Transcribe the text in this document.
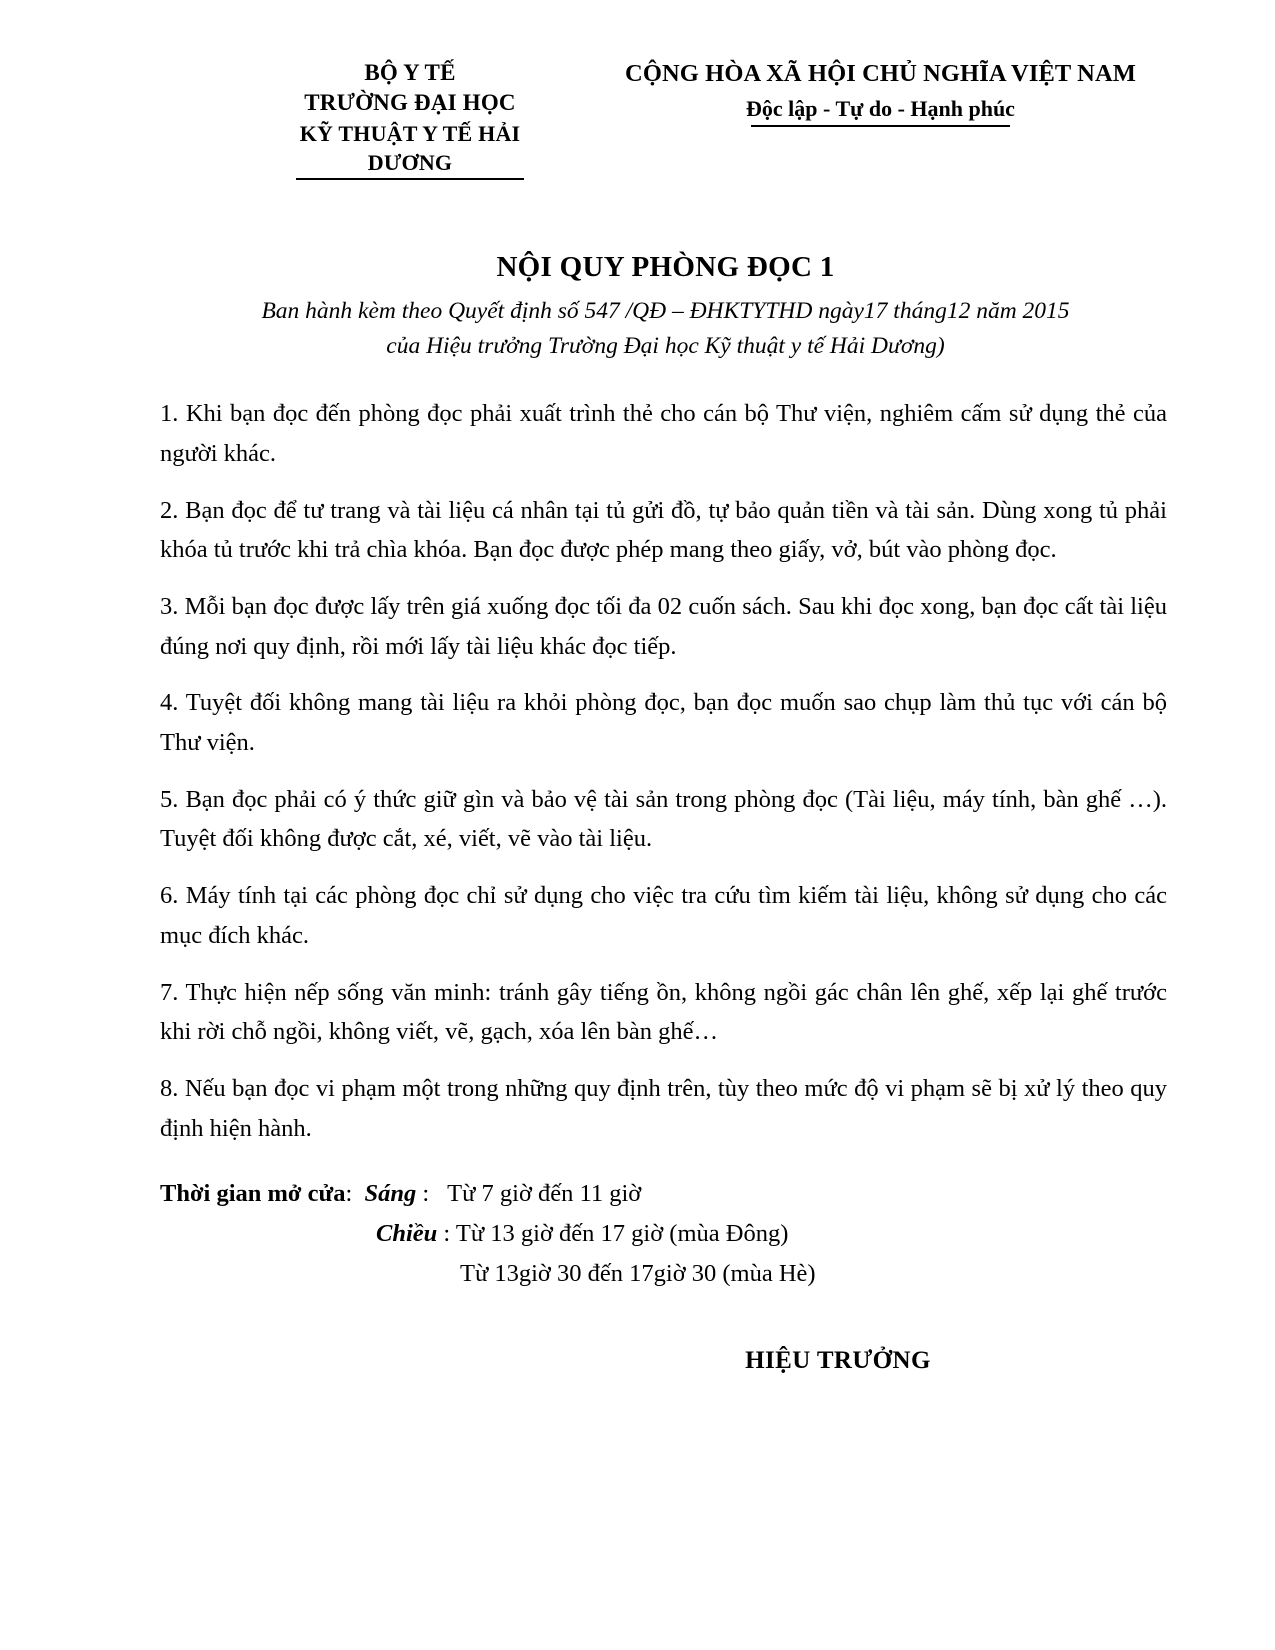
BỘ Y TẾ
TRƯỜNG ĐẠI HỌC
KỸ THUẬT Y TẾ HẢI DƯƠNG
CỘNG HÒA XÃ HỘI CHỦ NGHĨA VIỆT NAM
Độc lập - Tự do - Hạnh phúc
NỘI QUY PHÒNG ĐỌC 1
Ban hành kèm theo Quyết định số 547 /QĐ – ĐHKTYTHD ngày17 tháng12 năm 2015
của Hiệu trưởng Trường Đại học Kỹ thuật y tế Hải Dương)

1. Khi bạn đọc đến phòng đọc phải xuất trình thẻ cho cán bộ Thư viện, nghiêm cấm sử dụng thẻ của người khác.

2. Bạn đọc để tư trang và tài liệu cá nhân tại tủ gửi đồ, tự bảo quản tiền và tài sản. Dùng xong tủ phải khóa tủ trước khi trả chìa khóa. Bạn đọc được phép mang theo giấy, vở, bút vào phòng đọc.

3. Mỗi bạn đọc được lấy trên giá xuống đọc tối đa 02 cuốn sách. Sau khi đọc xong, bạn đọc cất tài liệu đúng nơi quy định, rồi mới lấy tài liệu khác đọc tiếp.

4. Tuyệt đối không mang tài liệu ra khỏi phòng đọc, bạn đọc muốn sao chụp làm thủ tục với cán bộ Thư viện.

5. Bạn đọc phải có ý thức giữ gìn và bảo vệ tài sản trong phòng đọc (Tài liệu, máy tính, bàn ghế …). Tuyệt đối không được cắt, xé, viết, vẽ vào tài liệu.

6. Máy tính tại các phòng đọc chỉ sử dụng cho việc tra cứu tìm kiếm tài liệu, không sử dụng cho các mục đích khác.

7. Thực hiện nếp sống văn minh: tránh gây tiếng ồn, không ngồi gác chân lên ghế, xếp lại ghế trước khi rời chỗ ngồi, không viết, vẽ, gạch, xóa lên bàn ghế…

8. Nếu bạn đọc vi phạm một trong những quy định trên, tùy theo mức độ vi phạm sẽ bị xử lý theo quy định hiện hành.

Thời gian mở cửa:  Sáng :   Từ 7 giờ đến 11 giờ
Chiều : Từ 13 giờ đến 17 giờ (mùa Đông)
Từ 13giờ 30 đến 17giờ 30 (mùa Hè)
HIỆU TRƯỞNG
